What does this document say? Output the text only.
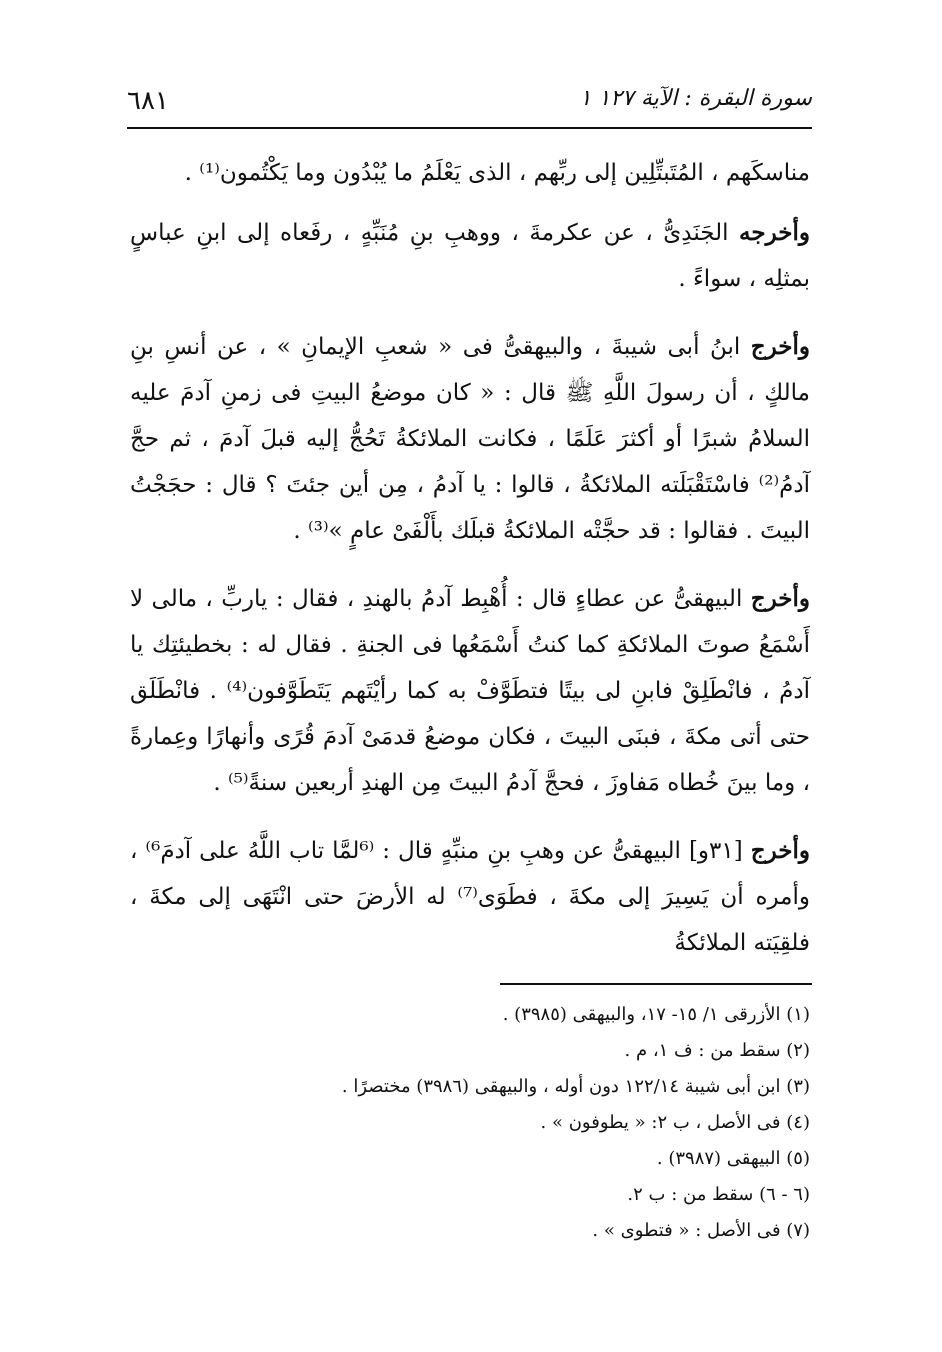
٦٨١	سورة البقرة : الآية ١٢٧ ١

مناسكَهم ، المُتَبتِّلِين إلى ربِّهم ، الذى يَعْلَمُ ما يُبْدُون وما يَكْتُمون⁽¹⁾ .

وأخرجه الجَنَدِىُّ ، عن عكرمةَ ، ووهبِ بنِ مُنَبِّهٍ ، رفَعاه إلى ابنِ عباسٍ بمثلِه ، سواءً .

وأخرج ابنُ أبى شيبةَ ، والبيهقىُّ فى « شعبِ الإيمانِ » ، عن أنسِ بنِ مالكٍ ، أن رسولَ اللَّهِ ﷺ قال : « كان موضعُ البيتِ فى زمنِ آدمَ عليه السلامُ شبرًا أو أكثرَ عَلَمًا ، فكانت الملائكةُ تَحُجُّ إليه قبلَ آدمَ ، ثم حجَّ آدمُ⁽²⁾ فاسْتَقْبَلَته الملائكةُ ، قالوا : يا آدمُ ، مِن أين جئتَ ؟ قال : حجَجْتُ البيتَ . فقالوا : قد حجَّتْه الملائكةُ قبلَك بأَلْفَىْ عامٍ »⁽³⁾ .

وأخرج البيهقىُّ عن عطاءٍ قال : أُهْبِط آدمُ بالهندِ ، فقال : ياربِّ ، مالى لا أَسْمَعُ صوتَ الملائكةِ كما كنتُ أَسْمَعُها فى الجنةِ . فقال له : بخطيئتِك يا آدمُ ، فانْطَلِقْ فابنِ لى بيتًا فتطَوَّفْ به كما رأيْتَهم يَتَطَوَّفون⁽⁴⁾ . فانْطَلَق حتى أتى مكةَ ، فبنَى البيتَ ، فكان موضعُ قدمَىْ آدمَ قُرًى وأنهارًا وعِمارةً ، وما بينَ خُطاه مَفاوزَ ، فحجَّ آدمُ البيتَ مِن الهندِ أربعين سنةً⁽⁵⁾ .

وأخرج [٣١و] البيهقىُّ عن وهبِ بنِ منبِّهٍ قال : ⁽⁶لمَّا تاب اللَّهُ على آدمَ⁶⁾ ، وأمره أن يَسِيرَ إلى مكةَ ، فطَوَى⁽⁷⁾ له الأرضَ حتى انْتَهَى إلى مكةَ ، فلقِيَته الملائكةُ

(١) الأزرقى ١/ ١٥- ١٧، والبيهقى (٣٩٨٥) .
(٢) سقط من : ف ١، م .
(٣) ابن أبى شيبة ١٢٢/١٤ دون أوله ، والبيهقى (٣٩٨٦) مختصرًا .
(٤) فى الأصل ، ب ٢: « يطوفون » .
(٥) البيهقى (٣٩٨٧) .
(٦ - ٦) سقط من : ب ٢.
(٧) فى الأصل : « فتطوى » .
